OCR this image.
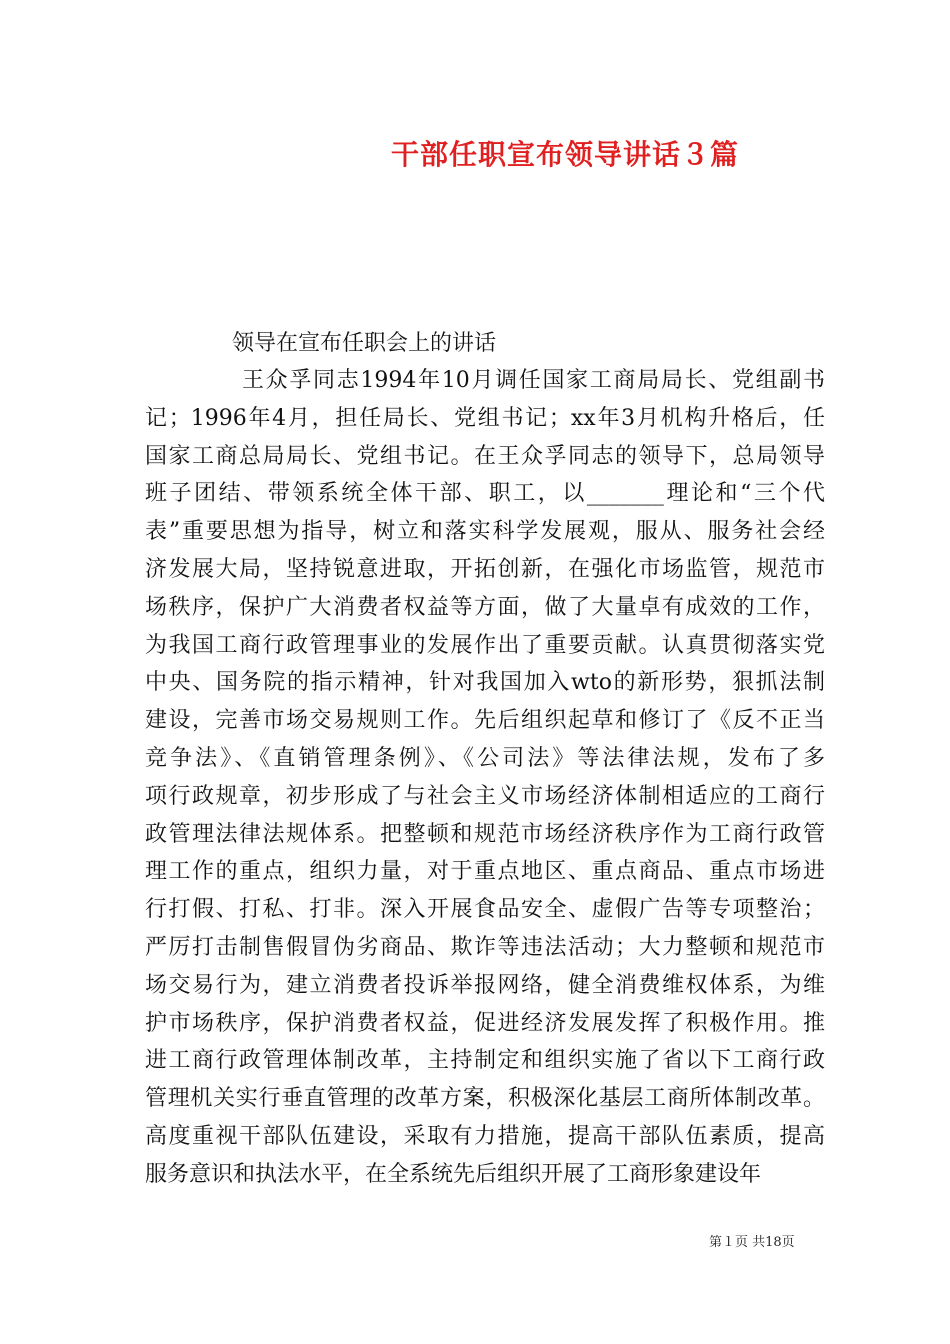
干部任职宣布领导讲话３篇
领导在宣布任职会上的讲话
王众孚同志1994年10月调任国家工商局局长、党组副书
记；1996年4月，担任局长、党组书记；xx年3月机构升格后，任
国家工商总局局长、党组书记。在王众孚同志的领导下，总局领导
班子团结、带领系统全体干部、职工，以_______理论和“三个代
表”重要思想为指导，树立和落实科学发展观，服从、服务社会经
济发展大局，坚持锐意进取，开拓创新，在强化市场监管，规范市
场秩序，保护广大消费者权益等方面，做了大量卓有成效的工作，
为我国工商行政管理事业的发展作出了重要贡献。认真贯彻落实党
中央、国务院的指示精神，针对我国加入wto的新形势，狠抓法制
建设，完善市场交易规则工作。先后组织起草和修订了《反不正当
竞争法》、《直销管理条例》、《公司法》等法律法规，发布了多
项行政规章，初步形成了与社会主义市场经济体制相适应的工商行
政管理法律法规体系。把整顿和规范市场经济秩序作为工商行政管
理工作的重点，组织力量，对于重点地区、重点商品、重点市场进
行打假、打私、打非。深入开展食品安全、虚假广告等专项整治；
严厉打击制售假冒伪劣商品、欺诈等违法活动；大力整顿和规范市
场交易行为，建立消费者投诉举报网络，健全消费维权体系，为维
护市场秩序，保护消费者权益，促进经济发展发挥了积极作用。推
进工商行政管理体制改革，主持制定和组织实施了省以下工商行政
管理机关实行垂直管理的改革方案，积极深化基层工商所体制改革。
高度重视干部队伍建设，采取有力措施，提高干部队伍素质，提高
服务意识和执法水平，在全系统先后组织开展了工商形象建设年
第１页 共18页
